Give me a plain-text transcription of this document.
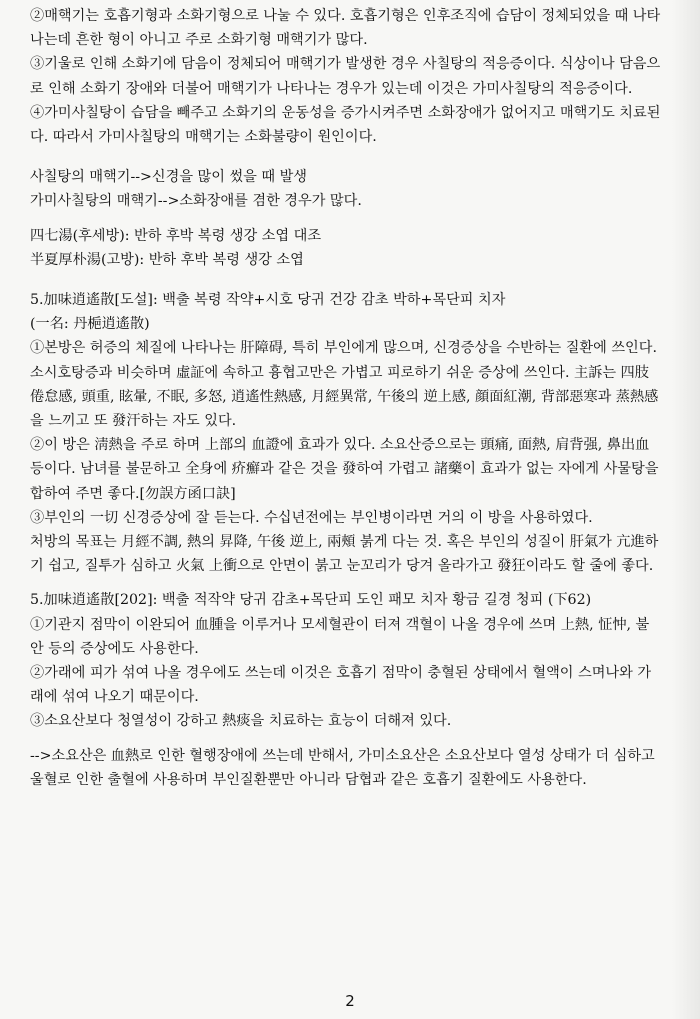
②매핵기는 호흡기형과 소화기형으로 나눌 수 있다. 호흡기형은 인후조직에 습담이 정체되었을 때 나타나는데 흔한 형이 아니고 주로 소화기형 매핵기가 많다.

③기울로 인해 소화기에 담음이 정체되어 매핵기가 발생한 경우 사칠탕의 적응증이다. 식상이나 담음으로 인해 소화기 장애와 더불어 매핵기가 나타나는 경우가 있는데 이것은 가미사칠탕의 적응증이다.

④가미사칠탕이 습담을 빼주고 소화기의 운동성을 증가시켜주면 소화장애가 없어지고 매핵기도 치료된다. 따라서 가미사칠탕의 매핵기는 소화불량이 원인이다.

사칠탕의 매핵기-->신경을 많이 썼을 때 발생

가미사칠탕의 매핵기-->소화장애를 겸한 경우가 많다.

四七湯(후세방): 반하 후박 복령 생강 소엽 대조

半夏厚朴湯(고방): 반하 후박 복령 생강 소엽

5.加味逍遙散[도설]: 백출 복령 작약+시호 당귀 건강 감초 박하+목단피 치자

(一名: 丹梔逍遙散)

①본방은 허증의 체질에 나타나는 肝障碍, 특히 부인에게 많으며, 신경증상을 수반하는 질환에 쓰인다. 소시호탕증과 비슷하며 虛証에 속하고 흉협고만은 가볍고 피로하기 쉬운 증상에 쓰인다. 主訴는 四肢倦怠感, 頭重, 眩暈, 不眠, 多怒, 逍遙性熱感, 月經異常, 午後의 逆上感, 顔面紅潮, 背部惡寒과 蒸熱感을 느끼고 또 發汗하는 자도 있다.

②이 방은 淸熱을 주로 하며 上部의 血證에 효과가 있다. 소요산증으로는 頭痛, 面熱, 肩背强, 鼻出血 등이다. 남녀를 불문하고 全身에 疥癬과 같은 것을 發하여 가렵고 諸藥이 효과가 없는 자에게 사물탕을 합하여 주면 좋다.[勿誤方函口訣]

③부인의 一切 신경증상에 잘 듣는다. 수십년전에는 부인병이라면 거의 이 방을 사용하였다.

처방의 목표는 月經不調, 熱의 昇降, 午後 逆上, 兩頰 붉게 다는 것. 혹은 부인의 성질이 肝氣가 亢進하기 쉽고, 질투가 심하고 火氣 上衝으로 안면이 붉고 눈꼬리가 당겨 올라가고 發狂이라도 할 줄에 좋다.

5.加味逍遙散[202]: 백출 적작약 당귀 감초+목단피 도인 패모 치자 황금 길경 청피 (下62)

①기관지 점막이 이완되어 血腫을 이루거나 모세혈관이 터져 객혈이 나올 경우에 쓰며 上熱, 怔忡, 불안 등의 증상에도 사용한다.

②가래에 피가 섞여 나올 경우에도 쓰는데 이것은 호흡기 점막이 충혈된 상태에서 혈액이 스며나와 가래에 섞여 나오기 때문이다.

③소요산보다 청열성이 강하고 熱痰을 치료하는 효능이 더해져 있다.

-->소요산은 血熱로 인한 혈행장애에 쓰는데 반해서, 가미소요산은 소요산보다 열성 상태가 더 심하고 울혈로 인한 출혈에 사용하며 부인질환뿐만 아니라 담협과 같은 호흡기 질환에도 사용한다.

2
